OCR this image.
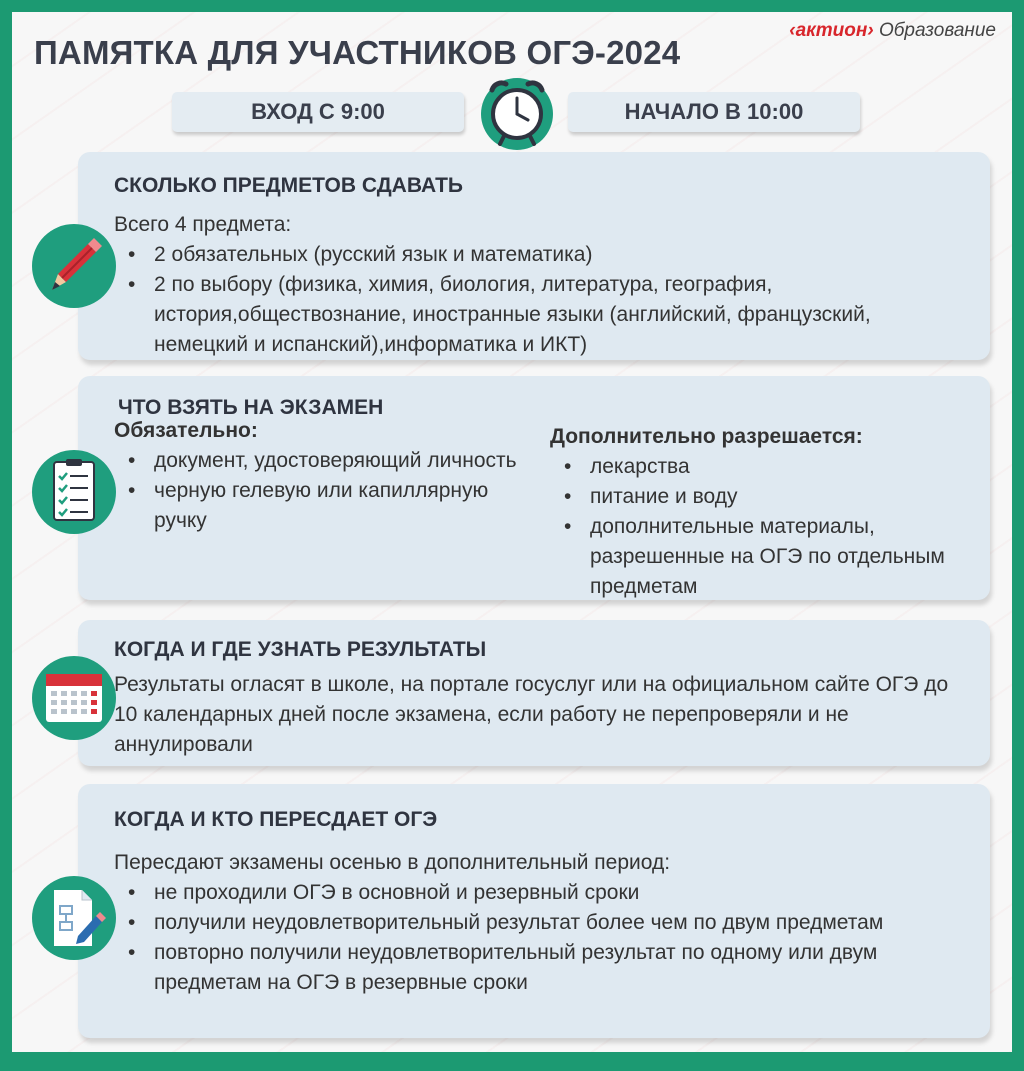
‹актион› Образование
ПАМЯТКА ДЛЯ УЧАСТНИКОВ ОГЭ-2024
ВХОД С 9:00	НАЧАЛО В 10:00
СКОЛЬКО ПРЕДМЕТОВ СДАВАТЬ

Всего 4 предмета:

• 2 обязательных (русский язык и математика)
• 2 по выбору (физика, химия, биология, литература, география, история,обществознание, иностранные языки (английский, французский, немецкий и испанский),информатика и ИКТ)
ЧТО ВЗЯТЬ НА ЭКЗАМЕН

Обязательно:

• документ, удостоверяющий личность
• черную гелевую или капиллярную ручку

Дополнительно разрешается:

• лекарства
• питание и воду
• дополнительные материалы, разрешенные на ОГЭ по отдельным предметам
КОГДА И ГДЕ УЗНАТЬ РЕЗУЛЬТАТЫ

Результаты огласят в школе, на портале госуслуг или на официальном сайте ОГЭ до 10 календарных дней после экзамена, если работу не перепроверяли и не аннулировали

КОГДА И КТО ПЕРЕСДАЕТ ОГЭ

Пересдают экзамены осенью в дополнительный период:

• не проходили ОГЭ в основной и резервный сроки
• получили неудовлетворительный результат более чем по двум предметам
• повторно получили неудовлетворительный результат по одному или двум предметам на ОГЭ в резервные сроки
